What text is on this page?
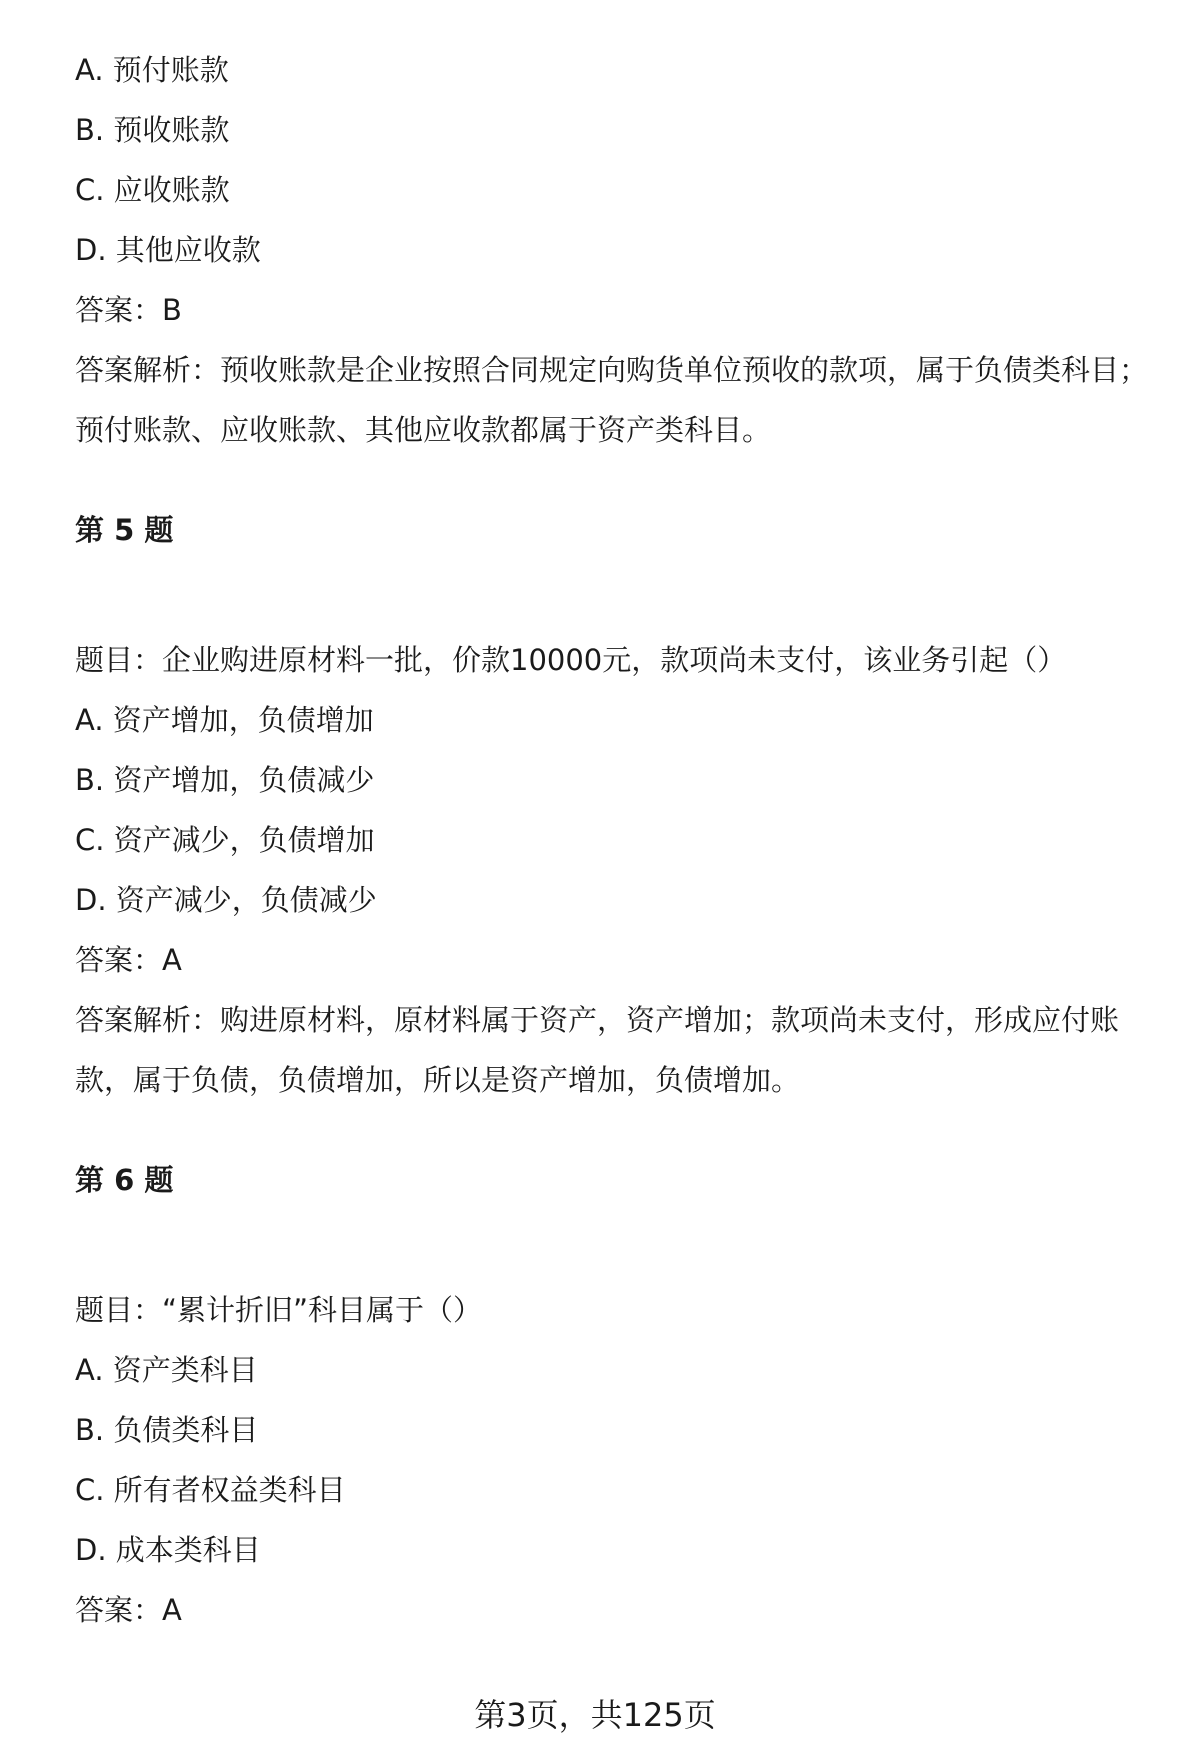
A. 预付账款

B. 预收账款

C. 应收账款

D. 其他应收款

答案：B

答案解析：预收账款是企业按照合同规定向购货单位预收的款项，属于负债类科目；预付账款、应收账款、其他应收款都属于资产类科目。

第 5 题

题目：企业购进原材料一批，价款10000元，款项尚未支付，该业务引起（）

A. 资产增加，负债增加

B. 资产增加，负债减少

C. 资产减少，负债增加

D. 资产减少，负债减少

答案：A

答案解析：购进原材料，原材料属于资产，资产增加；款项尚未支付，形成应付账款，属于负债，负债增加，所以是资产增加，负债增加。

第 6 题

题目：“累计折旧”科目属于（）

A. 资产类科目

B. 负债类科目

C. 所有者权益类科目

D. 成本类科目

答案：A

第3页，共125页
